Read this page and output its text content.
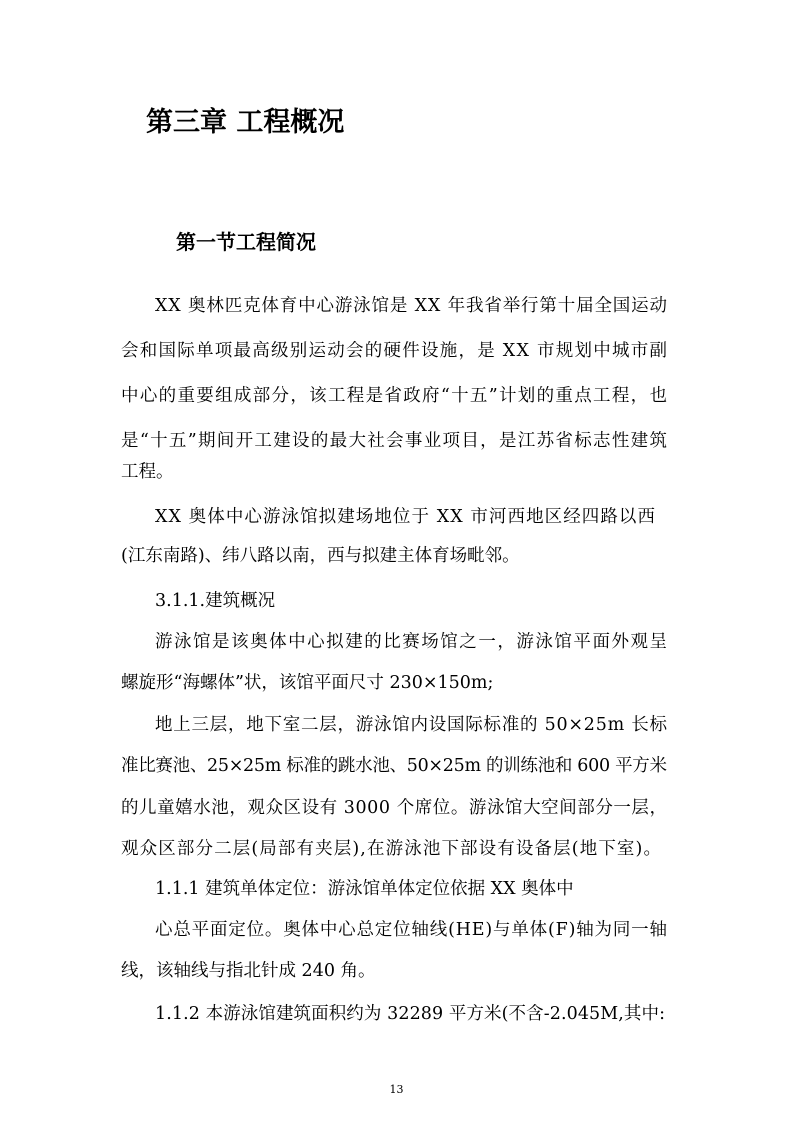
第三章 工程概况
第一节工程简况
XX 奥林匹克体育中心游泳馆是 XX 年我省举行第十届全国运动
会和国际单项最高级别运动会的硬件设施，是 XX 市规划中城市副
中心的重要组成部分，该工程是省政府“十五”计划的重点工程，也
是“十五”期间开工建设的最大社会事业项目，是江苏省标志性建筑
工程。
XX 奥体中心游泳馆拟建场地位于 XX 市河西地区经四路以西
(江东南路)、纬八路以南，西与拟建主体育场毗邻。
3.1.1.建筑概况
游泳馆是该奥体中心拟建的比赛场馆之一，游泳馆平面外观呈
螺旋形“海螺体”状，该馆平面尺寸 230×150m;
地上三层，地下室二层，游泳馆内设国际标准的 50×25m 长标
准比赛池、25×25m 标准的跳水池、50×25m 的训练池和 600 平方米
的儿童嬉水池，观众区设有 3000 个席位。游泳馆大空间部分一层，
观众区部分二层(局部有夹层),在游泳池下部设有设备层(地下室)。
1.1.1 建筑单体定位：游泳馆单体定位依据 XX 奥体中
心总平面定位。奥体中心总定位轴线(HE)与单体(F)轴为同一轴
线，该轴线与指北针成 240 角。
1.1.2 本游泳馆建筑面积约为 32289 平方米(不含-2.045M,其中:
13
